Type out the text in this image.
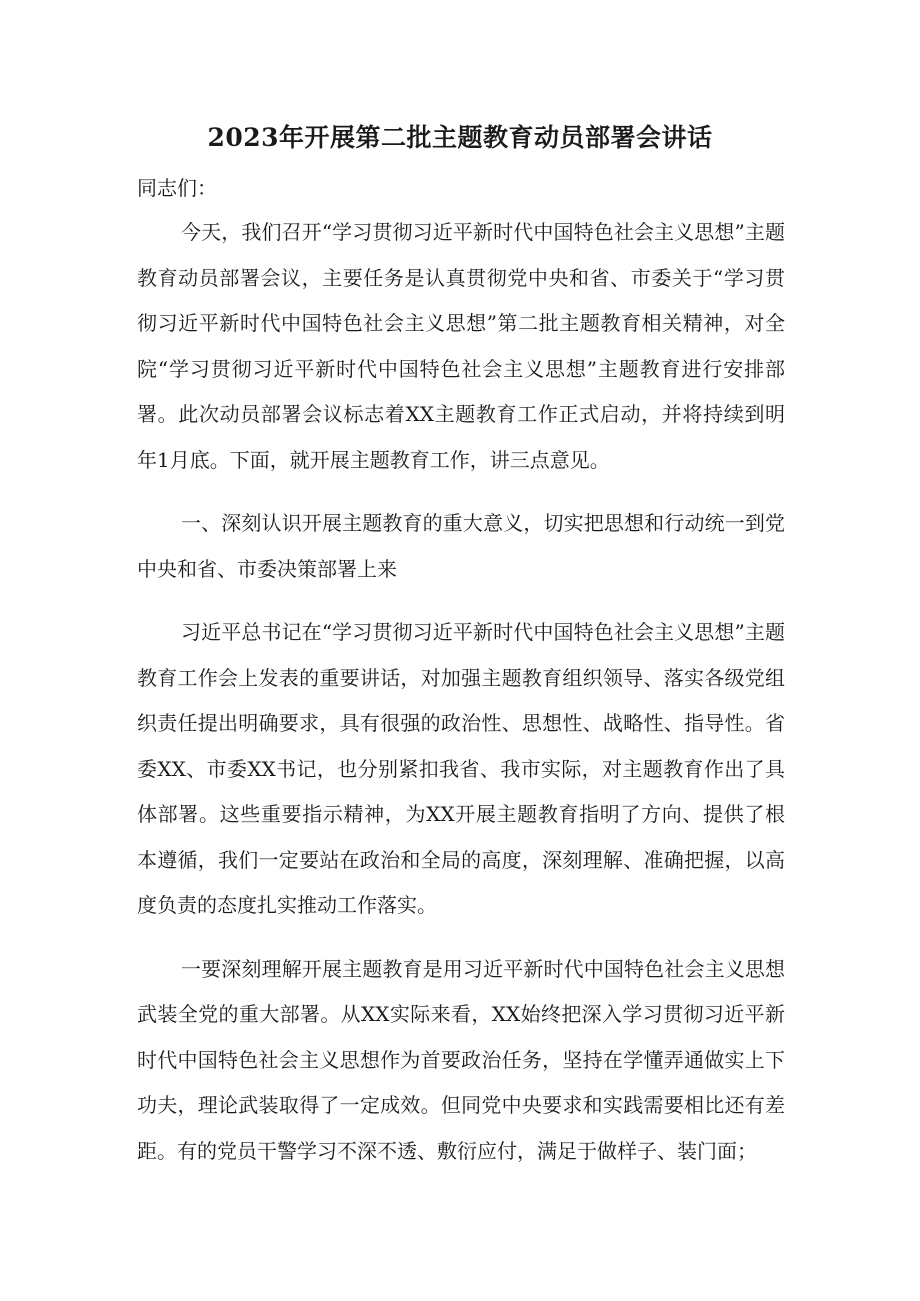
2023年开展第二批主题教育动员部署会讲话
同志们：

今天，我们召开“学习贯彻习近平新时代中国特色社会主义思想”主题教育动员部署会议，主要任务是认真贯彻党中央和省、市委关于“学习贯彻习近平新时代中国特色社会主义思想”第二批主题教育相关精神，对全院“学习贯彻习近平新时代中国特色社会主义思想”主题教育进行安排部署。此次动员部署会议标志着XX主题教育工作正式启动，并将持续到明年1月底。下面，就开展主题教育工作，讲三点意见。

一、深刻认识开展主题教育的重大意义，切实把思想和行动统一到党中央和省、市委决策部署上来

习近平总书记在“学习贯彻习近平新时代中国特色社会主义思想”主题教育工作会上发表的重要讲话，对加强主题教育组织领导、落实各级党组织责任提出明确要求，具有很强的政治性、思想性、战略性、指导性。省委XX、市委XX书记，也分别紧扣我省、我市实际，对主题教育作出了具体部署。这些重要指示精神，为XX开展主题教育指明了方向、提供了根本遵循，我们一定要站在政治和全局的高度，深刻理解、准确把握，以高度负责的态度扎实推动工作落实。

一要深刻理解开展主题教育是用习近平新时代中国特色社会主义思想武装全党的重大部署。从XX实际来看，XX始终把深入学习贯彻习近平新时代中国特色社会主义思想作为首要政治任务，坚持在学懂弄通做实上下功夫，理论武装取得了一定成效。但同党中央要求和实践需要相比还有差距。有的党员干警学习不深不透、敷衍应付，满足于做样子、装门面；
